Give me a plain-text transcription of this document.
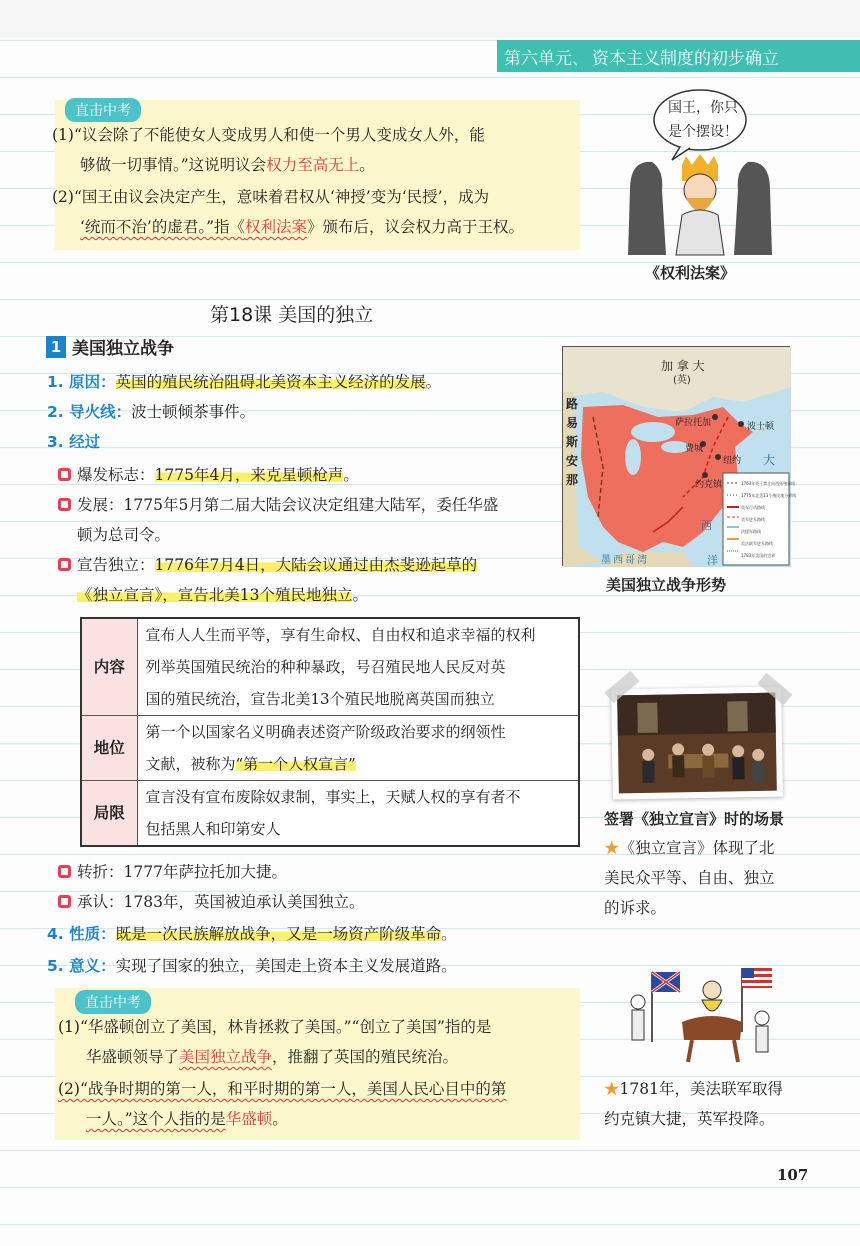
第六单元、 资本主义制度的初步确立
直击中考
(1)“议会除了不能使女人变成男人和使一个男人变成女人外，能
够做一切事情。”这说明议会权力至高无上。
(2)“国王由议会决定产生，意味着君权从‘神授’变为‘民授’，成为
‘统而不治’的虚君。”指《权利法案》颁布后，议会权力高于王权。
国王，你只
是个摆设！
《权利法案》
第18课 美国的独立
1 美国独立战争
1. 原因：英国的殖民统治阻碍北美资本主义经济的发展。
2. 导火线：波士顿倾茶事件。
3. 经过
爆发标志：1775年4月，来克星顿枪声。
发展：1775年5月第二届大陆会议决定组建大陆军，委任华盛
顿为总司令。
宣告独立：1776年7月4日，大陆会议通过由杰斐逊起草的
《独立宣言》，宣告北美13个殖民地独立。
加 拿 大
(英)
路易斯安那
萨拉托加	波士顿
费城
纽约
约克镇
大
西
洋
墨西哥湾
1763年英王禁止向西拓殖界线
1775年北美13个殖民地分界线
英军行动路线
美军进军路线
法援军路线
美法联军进军路线
1783年美国的边界
美国独立战争形势
内容	宣布人人生而平等，享有生命权、自由权和追求幸福的权利
	列举英国殖民统治的种种暴政，号召殖民地人民反对英
	国的殖民统治，宣告北美13个殖民地脱离英国而独立
地位	第一个以国家名义明确表述资产阶级政治要求的纲领性
	文献，被称为“第一个人权宣言”
局限	宣言没有宣布废除奴隶制，事实上，天赋人权的享有者不
	包括黑人和印第安人
签署《独立宣言》时的场景
★《独立宣言》体现了北
美民众平等、自由、独立
的诉求。
转折：1777年萨拉托加大捷。
承认：1783年，英国被迫承认美国独立。
4. 性质：既是一次民族解放战争，又是一场资产阶级革命。
5. 意义：实现了国家的独立，美国走上资本主义发展道路。
直击中考
(1)“华盛顿创立了美国，林肯拯救了美国。”“创立了美国”指的是
华盛顿领导了美国独立战争，推翻了英国的殖民统治。
(2)“战争时期的第一人，和平时期的第一人，美国人民心目中的第
一人。”这个人指的是华盛顿。
★1781年，美法联军取得
约克镇大捷，英军投降。
107
